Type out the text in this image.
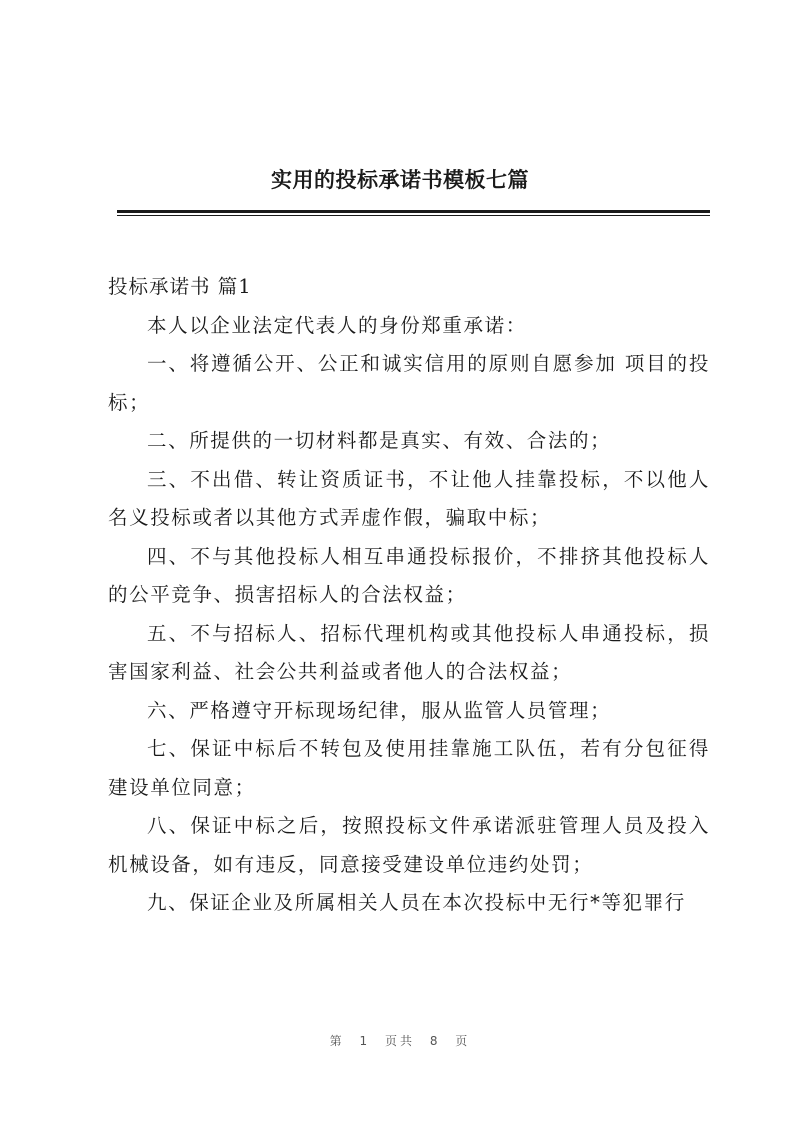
实用的投标承诺书模板七篇

投标承诺书 篇1

本人以企业法定代表人的身份郑重承诺：

一、将遵循公开、公正和诚实信用的原则自愿参加 项目的投标；

二、所提供的一切材料都是真实、有效、合法的；

三、不出借、转让资质证书，不让他人挂靠投标，不以他人名义投标或者以其他方式弄虚作假，骗取中标；

四、不与其他投标人相互串通投标报价，不排挤其他投标人的公平竞争、损害招标人的合法权益；

五、不与招标人、招标代理机构或其他投标人串通投标，损害国家利益、社会公共利益或者他人的合法权益；

六、严格遵守开标现场纪律，服从监管人员管理；

七、保证中标后不转包及使用挂靠施工队伍，若有分包征得建设单位同意；

八、保证中标之后，按照投标文件承诺派驻管理人员及投入机械设备，如有违反，同意接受建设单位违约处罚；

九、保证企业及所属相关人员在本次投标中无行*等犯罪行

第 1 页共 8 页
